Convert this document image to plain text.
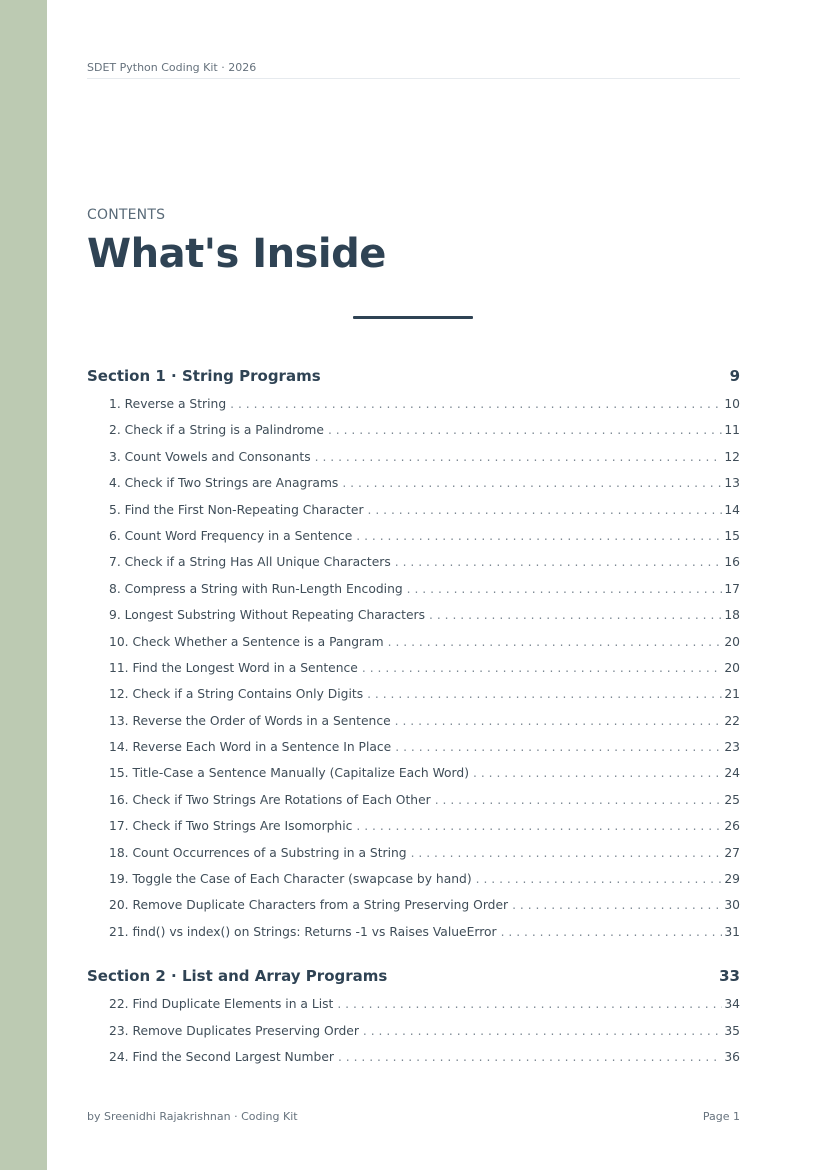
SDET Python Coding Kit · 2026
CONTENTS
What's Inside
Section 1 · String Programs	9
1. Reverse a String . . .	10
2. Check if a String is a Palindrome . . .	11
3. Count Vowels and Consonants . . .	12
4. Check if Two Strings are Anagrams . . .	13
5. Find the First Non-Repeating Character . . .	14
6. Count Word Frequency in a Sentence . . .	15
7. Check if a String Has All Unique Characters . . .	16
8. Compress a String with Run-Length Encoding . . .	17
9. Longest Substring Without Repeating Characters . . .	18
10. Check Whether a Sentence is a Pangram . . .	20
11. Find the Longest Word in a Sentence . . .	20
12. Check if a String Contains Only Digits . . .	21
13. Reverse the Order of Words in a Sentence . . .	22
14. Reverse Each Word in a Sentence In Place . . .	23
15. Title-Case a Sentence Manually (Capitalize Each Word) . . .	24
16. Check if Two Strings Are Rotations of Each Other . . .	25
17. Check if Two Strings Are Isomorphic . . .	26
18. Count Occurrences of a Substring in a String . . .	27
19. Toggle the Case of Each Character (swapcase by hand) . . .	29
20. Remove Duplicate Characters from a String Preserving Order . . .	30
21. find() vs index() on Strings: Returns -1 vs Raises ValueError . . .	31
Section 2 · List and Array Programs	33
22. Find Duplicate Elements in a List . . .	34
23. Remove Duplicates Preserving Order . . .	35
24. Find the Second Largest Number . . .	36
by Sreenidhi Rajakrishnan · Coding Kit	Page 1
